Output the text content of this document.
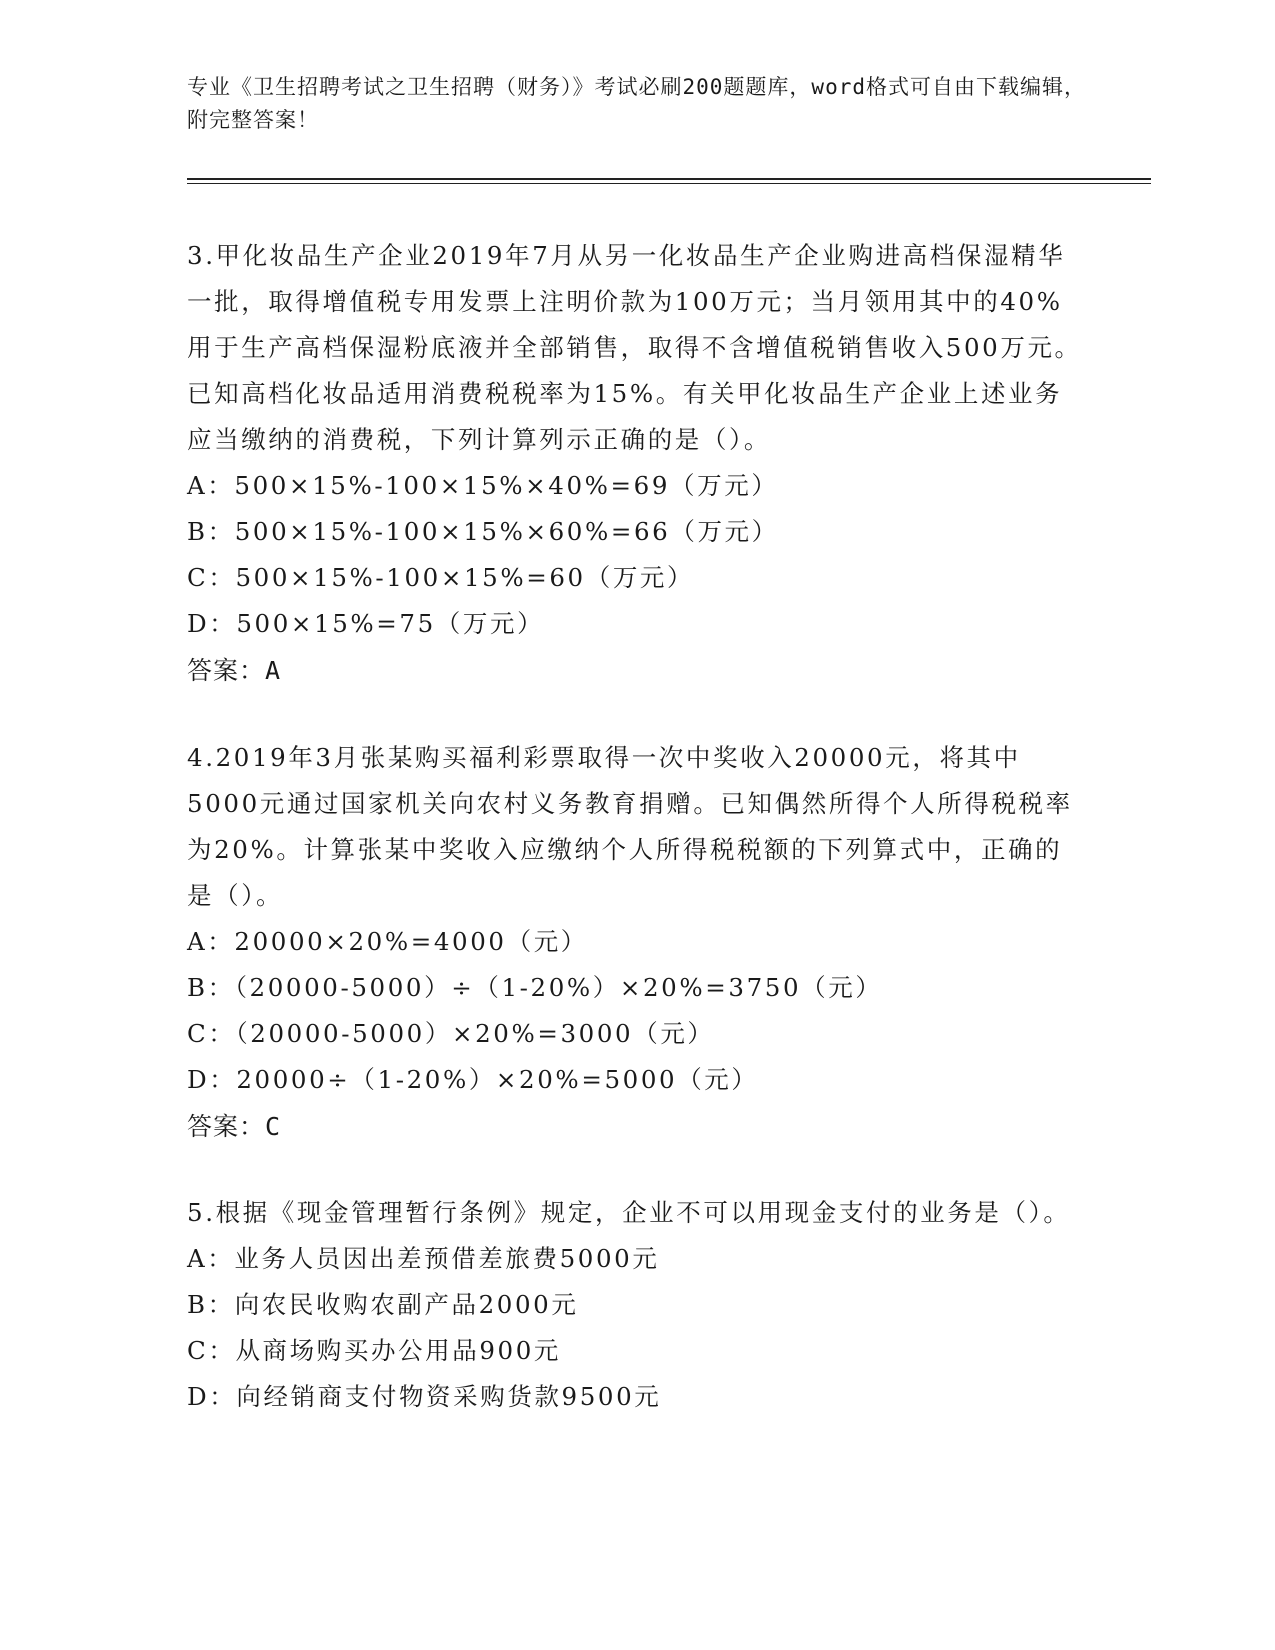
专业《卫生招聘考试之卫生招聘（财务）》考试必刷200题题库，word格式可自由下载编辑，附完整答案！

3.甲化妆品生产企业2019年7月从另一化妆品生产企业购进高档保湿精华一批，取得增值税专用发票上注明价款为100万元；当月领用其中的40%用于生产高档保湿粉底液并全部销售，取得不含增值税销售收入500万元。已知高档化妆品适用消费税税率为15%。有关甲化妆品生产企业上述业务应当缴纳的消费税，下列计算列示正确的是（）。

A：500×15%-100×15%×40%=69（万元）

B：500×15%-100×15%×60%=66（万元）

C：500×15%-100×15%=60（万元）

D：500×15%=75（万元）

答案：A

4.2019年3月张某购买福利彩票取得一次中奖收入20000元，将其中5000元通过国家机关向农村义务教育捐赠。已知偶然所得个人所得税税率为20%。计算张某中奖收入应缴纳个人所得税税额的下列算式中，正确的是（）。

A：20000×20%=4000（元）

B：（20000-5000）÷（1-20%）×20%=3750（元）

C：（20000-5000）×20%=3000（元）

D：20000÷（1-20%）×20%=5000（元）

答案：C

5.根据《现金管理暂行条例》规定，企业不可以用现金支付的业务是（）。

A：业务人员因出差预借差旅费5000元

B：向农民收购农副产品2000元

C：从商场购买办公用品900元

D：向经销商支付物资采购货款9500元
